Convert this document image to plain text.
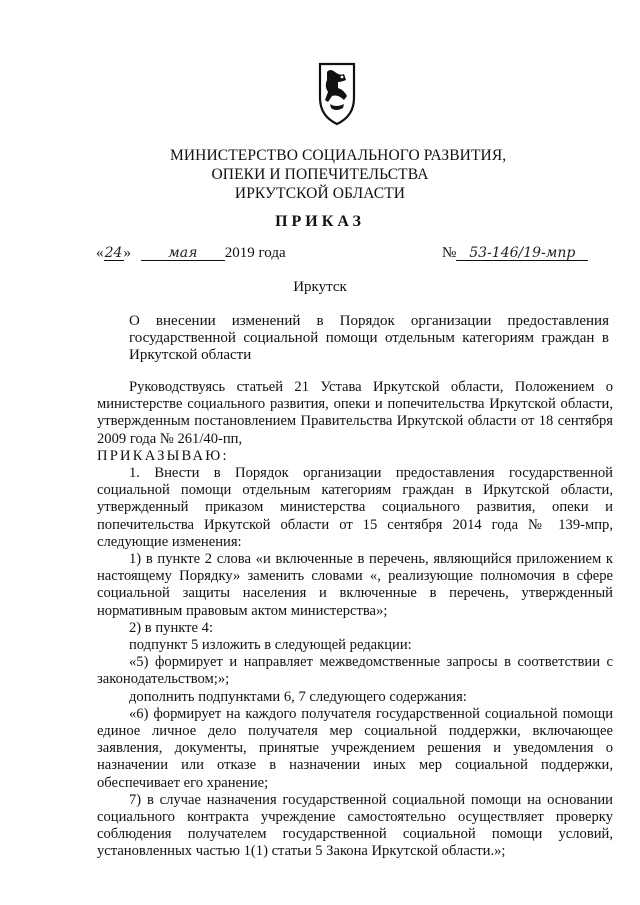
МИНИСТЕРСТВО СОЦИАЛЬНОГО РАЗВИТИЯ,
ОПЕКИ И ПОПЕЧИТЕЛЬСТВА
ИРКУТСКОЙ ОБЛАСТИ
ПРИКАЗ
«24»	мая 2019 года	№ 53-146/19-мпр
Иркутск
О внесении изменений в Порядок организации предоставления государственной социальной помощи отдельным категориям граждан в Иркутской области

Руководствуясь статьей 21 Устава Иркутской области, Положением о министерстве социального развития, опеки и попечительства Иркутской области, утвержденным постановлением Правительства Иркутской области от 18 сентября 2009 года № 261/40-пп,

ПРИКАЗЫВАЮ:

1. Внести в Порядок организации предоставления государственной социальной помощи отдельным категориям граждан в Иркутской области, утвержденный приказом министерства социального развития, опеки и попечительства Иркутской области от 15 сентября 2014 года № 139-мпр, следующие изменения:

1) в пункте 2 слова «и включенные в перечень, являющийся приложением к настоящему Порядку» заменить словами «, реализующие полномочия в сфере социальной защиты населения и включенные в перечень, утвержденный нормативным правовым актом министерства»;

2) в пункте 4:

подпункт 5 изложить в следующей редакции:

«5) формирует и направляет межведомственные запросы в соответствии с законодательством;»;

дополнить подпунктами 6, 7 следующего содержания:

«6) формирует на каждого получателя государственной социальной помощи единое личное дело получателя мер социальной поддержки, включающее заявления, документы, принятые учреждением решения и уведомления о назначении или отказе в назначении иных мер социальной поддержки, обеспечивает его хранение;

7) в случае назначения государственной социальной помощи на основании социального контракта учреждение самостоятельно осуществляет проверку соблюдения получателем государственной социальной помощи условий, установленных частью 1(1) статьи 5 Закона Иркутской области.»;
